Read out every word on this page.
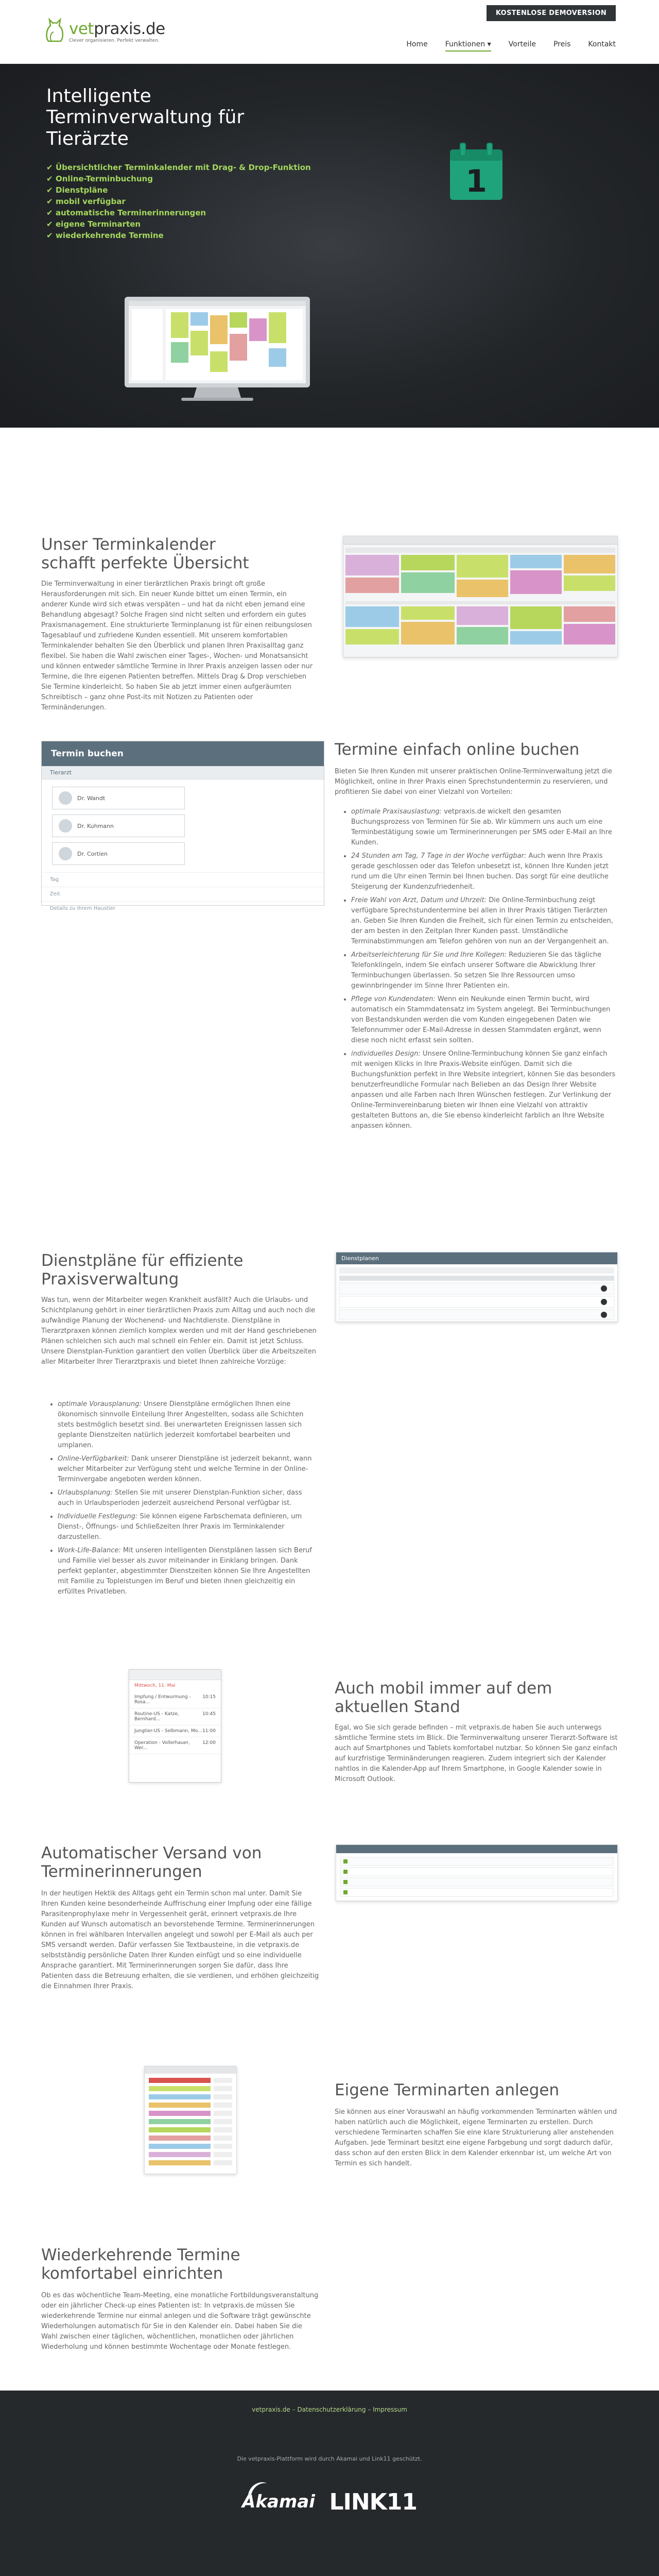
vetpraxis.de
Clever organisieren. Perfekt verwalten.
KOSTENLOSE DEMOVERSION
Home Funktionen ▾ Vorteile Preis Kontakt
Intelligente Terminverwaltung für Tierärzte
✔ Übersichtlicher Terminkalender mit Drag- & Drop-Funktion
✔ Online-Terminbuchung
✔ Dienstpläne
✔ mobil verfügbar
✔ automatische Terminerinnerungen
✔ eigene Terminarten
✔ wiederkehrende Termine
1
Unser Terminkalender schafft perfekte Übersicht

Die Terminverwaltung in einer tierärztlichen Praxis bringt oft große Herausforderungen mit sich. Ein neuer Kunde bittet um einen Termin, ein anderer Kunde wird sich etwas verspäten – und hat da nicht eben jemand eine Behandlung abgesagt? Solche Fragen sind nicht selten und erfordern ein gutes Praxismanagement. Eine strukturierte Terminplanung ist für einen reibungslosen Tagesablauf und zufriedene Kunden essentiell. Mit unserem komfortablen Terminkalender behalten Sie den Überblick und planen Ihren Praxisalltag ganz flexibel. Sie haben die Wahl zwischen einer Tages-, Wochen- und Monatsansicht und können entweder sämtliche Termine in Ihrer Praxis anzeigen lassen oder nur Termine, die Ihre eigenen Patienten betreffen. Mittels Drag & Drop verschieben Sie Termine kinderleicht. So haben Sie ab jetzt immer einen aufgeräumten Schreibtisch – ganz ohne Post-its mit Notizen zu Patienten oder Terminänderungen.

Termin buchen
Tierarzt
Dr. Wandt
Dr. Kuhmann
Dr. Cortien
Tag
Zeit
Details zu Ihrem Haustier
Termine einfach online buchen

Bieten Sie Ihren Kunden mit unserer praktischen Online-Terminverwaltung jetzt die Möglichkeit, online in Ihrer Praxis einen Sprechstundentermin zu reservieren, und profitieren Sie dabei von einer Vielzahl von Vorteilen:

• optimale Praxisauslastung: vetpraxis.de wickelt den gesamten Buchungsprozess von Terminen für Sie ab. Wir kümmern uns auch um eine Terminbestätigung sowie um Terminerinnerungen per SMS oder E-Mail an Ihre Kunden.
• 24 Stunden am Tag, 7 Tage in der Woche verfügbar: Auch wenn Ihre Praxis gerade geschlossen oder das Telefon unbesetzt ist, können Ihre Kunden jetzt rund um die Uhr einen Termin bei Ihnen buchen. Das sorgt für eine deutliche Steigerung der Kundenzufriedenheit.
• Freie Wahl von Arzt, Datum und Uhrzeit: Die Online-Terminbuchung zeigt verfügbare Sprechstundentermine bei allen in Ihrer Praxis tätigen Tierärzten an. Geben Sie Ihren Kunden die Freiheit, sich für einen Termin zu entscheiden, der am besten in den Zeitplan Ihrer Kunden passt. Umständliche Terminabstimmungen am Telefon gehören von nun an der Vergangenheit an.
• Arbeitserleichterung für Sie und Ihre Kollegen: Reduzieren Sie das tägliche Telefonklingeln, indem Sie einfach unserer Software die Abwicklung Ihrer Terminbuchungen überlassen. So setzen Sie Ihre Ressourcen umso gewinnbringender im Sinne Ihrer Patienten ein.
• Pflege von Kundendaten: Wenn ein Neukunde einen Termin bucht, wird automatisch ein Stammdatensatz im System angelegt. Bei Terminbuchungen von Bestandskunden werden die vom Kunden eingegebenen Daten wie Telefonnummer oder E-Mail-Adresse in dessen Stammdaten ergänzt, wenn diese noch nicht erfasst sein sollten.
• individuelles Design: Unsere Online-Terminbuchung können Sie ganz einfach mit wenigen Klicks in Ihre Praxis-Website einfügen. Damit sich die Buchungsfunktion perfekt in Ihre Website integriert, können Sie das besonders benutzerfreundliche Formular nach Belieben an das Design Ihrer Website anpassen und alle Farben nach Ihren Wünschen festlegen. Zur Verlinkung der Online-Terminvereinbarung bieten wir Ihnen eine Vielzahl von attraktiv gestalteten Buttons an, die Sie ebenso kinderleicht farblich an Ihre Website anpassen können.
Dienstpläne für effiziente Praxisverwaltung

Was tun, wenn der Mitarbeiter wegen Krankheit ausfällt? Auch die Urlaubs- und Schichtplanung gehört in einer tierärztlichen Praxis zum Alltag und auch noch die aufwändige Planung der Wochenend- und Nachtdienste. Dienstpläne in Tierarztpraxen können ziemlich komplex werden und mit der Hand geschriebenen Plänen schleichen sich auch mal schnell ein Fehler ein. Damit ist jetzt Schluss. Unsere Dienstplan-Funktion garantiert den vollen Überblick über die Arbeitszeiten aller Mitarbeiter Ihrer Tierarztpraxis und bietet Ihnen zahlreiche Vorzüge:

• optimale Vorausplanung: Unsere Dienstpläne ermöglichen Ihnen eine ökonomisch sinnvolle Einteilung Ihrer Angestellten, sodass alle Schichten stets bestmöglich besetzt sind. Bei unerwarteten Ereignissen lassen sich geplante Dienstzeiten natürlich jederzeit komfortabel bearbeiten und umplanen.
• Online-Verfügbarkeit: Dank unserer Dienstpläne ist jederzeit bekannt, wann welcher Mitarbeiter zur Verfügung steht und welche Termine in der Online-Terminvergabe angeboten werden können.
• Urlaubsplanung: Stellen Sie mit unserer Dienstplan-Funktion sicher, dass auch in Urlaubsperioden jederzeit ausreichend Personal verfügbar ist.
• Individuelle Festlegung: Sie können eigene Farbschemata definieren, um Dienst-, Öffnungs- und Schließzeiten Ihrer Praxis im Terminkalender darzustellen.
• Work-Life-Balance: Mit unseren intelligenten Dienstplänen lassen sich Beruf und Familie viel besser als zuvor miteinander in Einklang bringen. Dank perfekt geplanter, abgestimmter Dienstzeiten können Sie Ihre Angestellten mit Familie zu Topleistungen im Beruf und bieten ihnen gleichzeitig ein erfülltes Privatleben.
Dienstplanen
Mittwoch, 11. Mai
Impfung / Entwurmung - Rosa...
10:15
Routine-US - Katze, Bernhard...
10:45
Jungtier-US - Selbmann, Mo... 11:00
Operation - Vollerhauer, Wer...
12:00
Auch mobil immer auf dem aktuellen Stand

Egal, wo Sie sich gerade befinden – mit vetpraxis.de haben Sie auch unterwegs sämtliche Termine stets im Blick. Die Terminverwaltung unserer Tierarzt-Software ist auch auf Smartphones und Tablets komfortabel nutzbar. So können Sie ganz einfach auf kurzfristige Terminänderungen reagieren. Zudem integriert sich der Kalender nahtlos in die Kalender-App auf Ihrem Smartphone, in Google Kalender sowie in Microsoft Outlook.

Automatischer Versand von Terminerinnerungen

In der heutigen Hektik des Alltags geht ein Termin schon mal unter. Damit Sie Ihren Kunden keine besonderheinde Auffrischung einer Impfung oder eine fällige Parasitenprophylaxe mehr in Vergessenheit gerät, erinnert vetpraxis.de Ihre Kunden auf Wunsch automatisch an bevorstehende Termine. Terminerinnerungen können in frei wählbaren Intervallen angelegt und sowohl per E-Mail als auch per SMS versandt werden. Dafür verfassen Sie Textbausteine, in die vetpraxis.de selbstständig persönliche Daten Ihrer Kunden einfügt und so eine individuelle Ansprache garantiert. Mit Terminerinnerungen sorgen Sie dafür, dass Ihre Patienten dass die Betreuung erhalten, die sie verdienen, und erhöhen gleichzeitig die Einnahmen Ihrer Praxis.

Eigene Terminarten anlegen

Sie können aus einer Vorauswahl an häufig vorkommenden Terminarten wählen und haben natürlich auch die Möglichkeit, eigene Terminarten zu erstellen. Durch verschiedene Terminarten schaffen Sie eine klare Strukturierung aller anstehenden Aufgaben. Jede Terminart besitzt eine eigene Farbgebung und sorgt dadurch dafür, dass schon auf den ersten Blick in dem Kalender erkennbar ist, um welche Art von Termin es sich handelt.

Wiederkehrende Termine komfortabel einrichten

Ob es das wöchentliche Team-Meeting, eine monatliche Fortbildungsveranstaltung oder ein jährlicher Check-up eines Patienten ist: In vetpraxis.de müssen Sie wiederkehrende Termine nur einmal anlegen und die Software trägt gewünschte Wiederholungen automatisch für Sie in den Kalender ein. Dabei haben Sie die Wahl zwischen einer täglichen, wöchentlichen, monatlichen oder jährlichen Wiederholung und können bestimmte Wochentage oder Monate festlegen.

vetpraxis.de – Datenschutzerklärung – Impressum
Die vetpraxis-Plattform wird durch Akamai und Link11 geschützt.
Akamai LINK11
